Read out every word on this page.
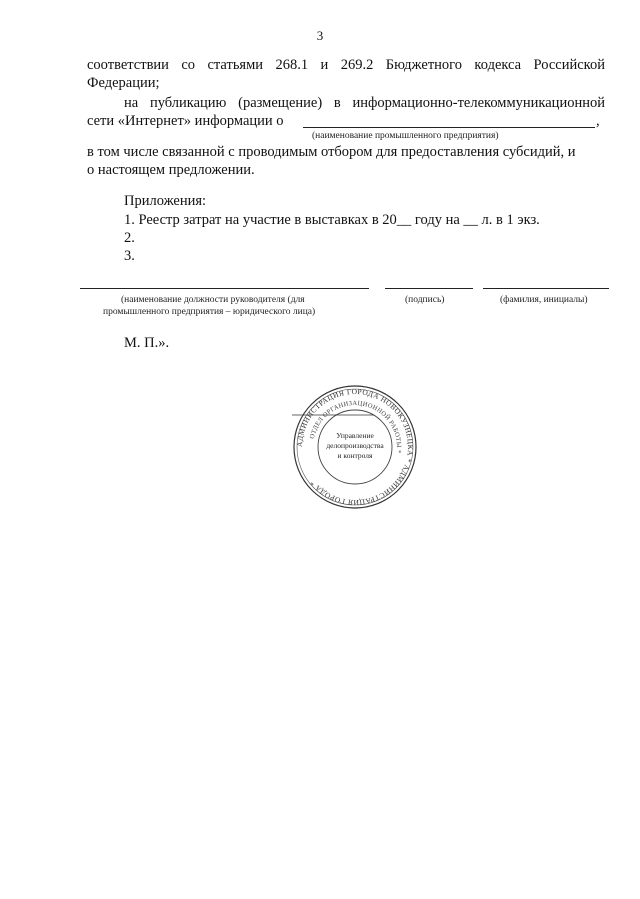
3
соответствии со статьями 268.1 и 269.2 Бюджетного кодекса Российской
Федерации;
на публикацию (размещение) в информационно-телекоммуникационной
сети «Интернет» информации о	,
(наименование промышленного предприятия)
в том числе связанной с проводимым отбором для предоставления субсидий, и
о настоящем предложении.
Приложения:
1. Реестр затрат на участие в выставках в 20__ году на __ л. в 1 экз.
2.
3.
(наименование должности руководителя (для
промышленного предприятия – юридического лица)
(подпись)	(фамилия, инициалы)
М. П.».
АДМИНИСТРАЦИЯ ГОРОДА НОВОКУЗНЕЦКА * АДМИНИСТРАЦИЯ ГОРОДА *
ОТДЕЛ ОРГАНИЗАЦИОННОЙ РАБОТЫ *
Управление
делопроизводства
и контроля
